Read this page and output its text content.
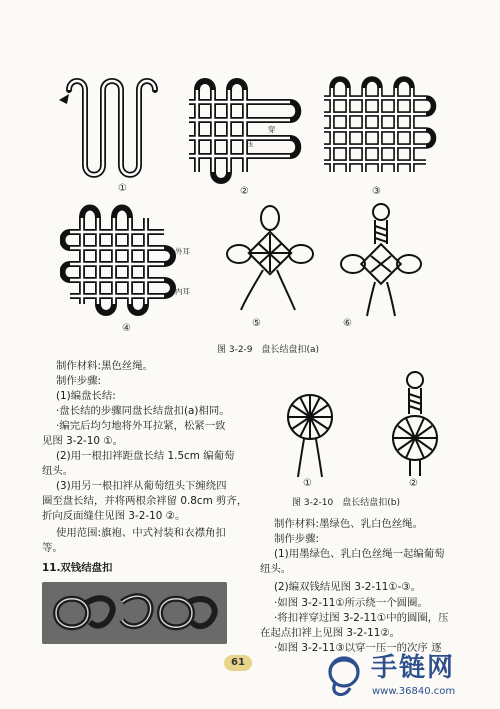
①	②	③
穿
压
外耳
内耳
④	⑤	⑥
图 3-2-9　盘长结盘扣(a)
制作材料:黑色丝绳。
制作步骤:
(1)编盘长结:
·盘长结的步骤同盘长结盘扣(a)相同。
·编完后均匀地将外耳拉紧，松紧一致
见图 3-2-10 ①。
(2)用一根扣袢距盘长结 1.5cm 编葡萄
纽头。
(3)用另一根扣袢从葡萄纽头下缠绕四
圈至盘长结，并将两根余袢留 0.8cm 剪齐，
折向反面缝住见图 3-2-10 ②。
使用范围:旗袍、中式衬装和衣襟角扣
等。
11.双钱结盘扣
①	②
图 3-2-10　盘长结盘扣(b)
制作材料:墨绿色、乳白色丝绳。
制作步骤:
(1)用墨绿色、乳白色丝绳一起编葡萄
纽头。
(2)编双钱结见图 3-2-11①-③。
·如图 3-2-11①所示绕一个圆圈。
·将扣袢穿过图 3-2-11①中的圆圈，压
在起点扣袢上见图 3-2-11②。
·如图 3-2-11③以穿一压一的次序 逐
61	手链网
www.36840.com
